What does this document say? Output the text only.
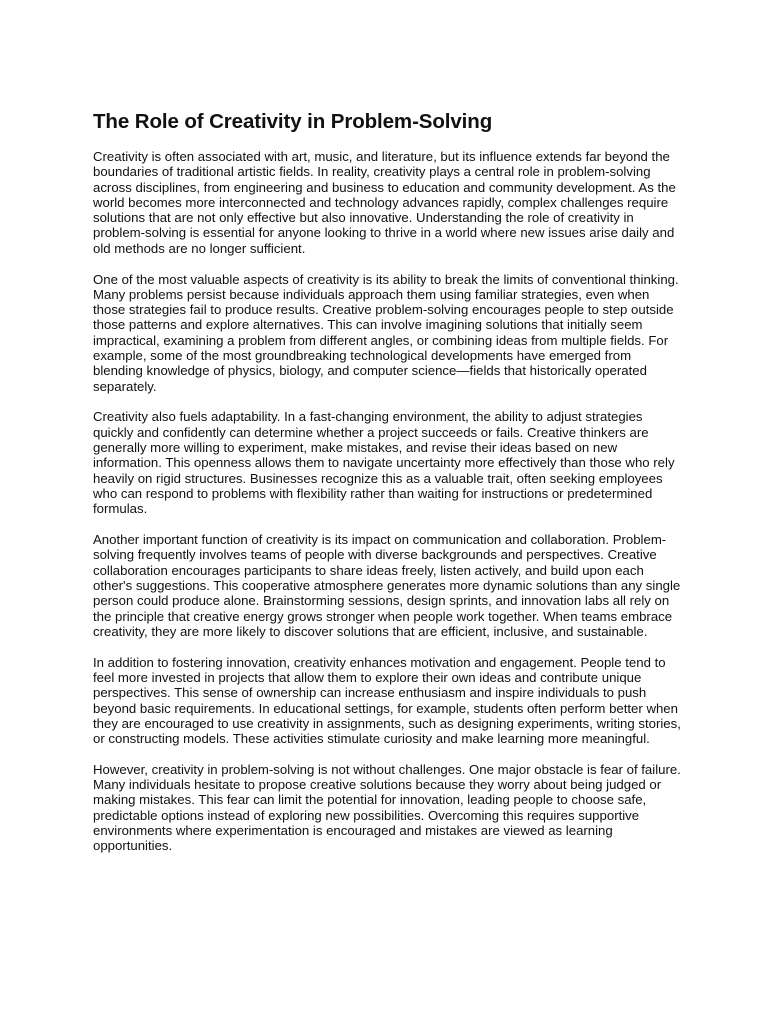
The Role of Creativity in Problem-Solving

Creativity is often associated with art, music, and literature, but its influence extends far beyond the boundaries of traditional artistic fields. In reality, creativity plays a central role in problem-solving across disciplines, from engineering and business to education and community development. As the world becomes more interconnected and technology advances rapidly, complex challenges require solutions that are not only effective but also innovative. Understanding the role of creativity in problem-solving is essential for anyone looking to thrive in a world where new issues arise daily and old methods are no longer sufficient.

One of the most valuable aspects of creativity is its ability to break the limits of conventional thinking. Many problems persist because individuals approach them using familiar strategies, even when those strategies fail to produce results. Creative problem-solving encourages people to step outside those patterns and explore alternatives. This can involve imagining solutions that initially seem impractical, examining a problem from different angles, or combining ideas from multiple fields. For example, some of the most groundbreaking technological developments have emerged from blending knowledge of physics, biology, and computer science—fields that historically operated separately.

Creativity also fuels adaptability. In a fast-changing environment, the ability to adjust strategies quickly and confidently can determine whether a project succeeds or fails. Creative thinkers are generally more willing to experiment, make mistakes, and revise their ideas based on new information. This openness allows them to navigate uncertainty more effectively than those who rely heavily on rigid structures. Businesses recognize this as a valuable trait, often seeking employees who can respond to problems with flexibility rather than waiting for instructions or predetermined formulas.

Another important function of creativity is its impact on communication and collaboration. Problem-solving frequently involves teams of people with diverse backgrounds and perspectives. Creative collaboration encourages participants to share ideas freely, listen actively, and build upon each other's suggestions. This cooperative atmosphere generates more dynamic solutions than any single person could produce alone. Brainstorming sessions, design sprints, and innovation labs all rely on the principle that creative energy grows stronger when people work together. When teams embrace creativity, they are more likely to discover solutions that are efficient, inclusive, and sustainable.

In addition to fostering innovation, creativity enhances motivation and engagement. People tend to feel more invested in projects that allow them to explore their own ideas and contribute unique perspectives. This sense of ownership can increase enthusiasm and inspire individuals to push beyond basic requirements. In educational settings, for example, students often perform better when they are encouraged to use creativity in assignments, such as designing experiments, writing stories, or constructing models. These activities stimulate curiosity and make learning more meaningful.

However, creativity in problem-solving is not without challenges. One major obstacle is fear of failure. Many individuals hesitate to propose creative solutions because they worry about being judged or making mistakes. This fear can limit the potential for innovation, leading people to choose safe, predictable options instead of exploring new possibilities. Overcoming this requires supportive environments where experimentation is encouraged and mistakes are viewed as learning opportunities.
